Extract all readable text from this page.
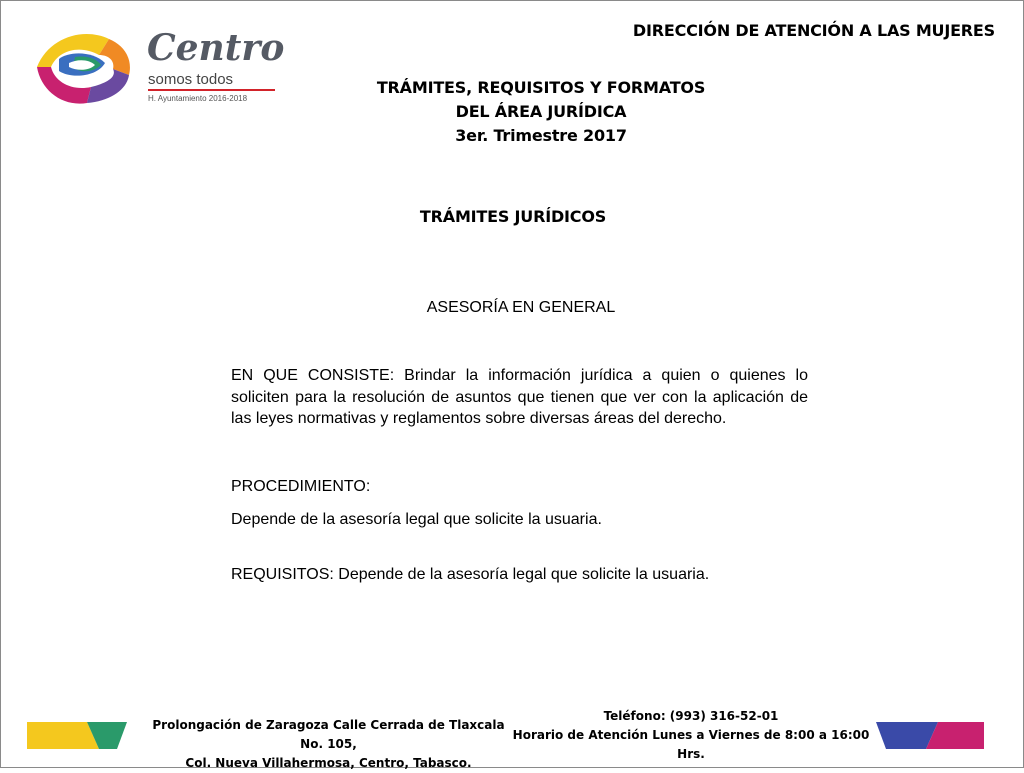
Centro
somos todos
H. Ayuntamiento 2016-2018
DIRECCIÓN DE ATENCIÓN A LAS MUJERES
TRÁMITES, REQUISITOS Y FORMATOS
DEL ÁREA JURÍDICA
3er. Trimestre 2017
TRÁMITES JURÍDICOS
ASESORÍA EN GENERAL
EN QUE CONSISTE: Brindar la información jurídica a quien o quienes lo soliciten para la resolución de asuntos que tienen que ver con la aplicación de las leyes normativas y reglamentos sobre diversas áreas del derecho.
PROCEDIMIENTO:
Depende de la asesoría legal que solicite la usuaria.
REQUISITOS: Depende de la asesoría legal que solicite la usuaria.
Prolongación de Zaragoza Calle Cerrada de Tlaxcala No. 105,
Col. Nueva Villahermosa, Centro, Tabasco.
Teléfono: (993) 316-52-01
Horario de Atención Lunes a Viernes de 8:00 a 16:00 Hrs.
